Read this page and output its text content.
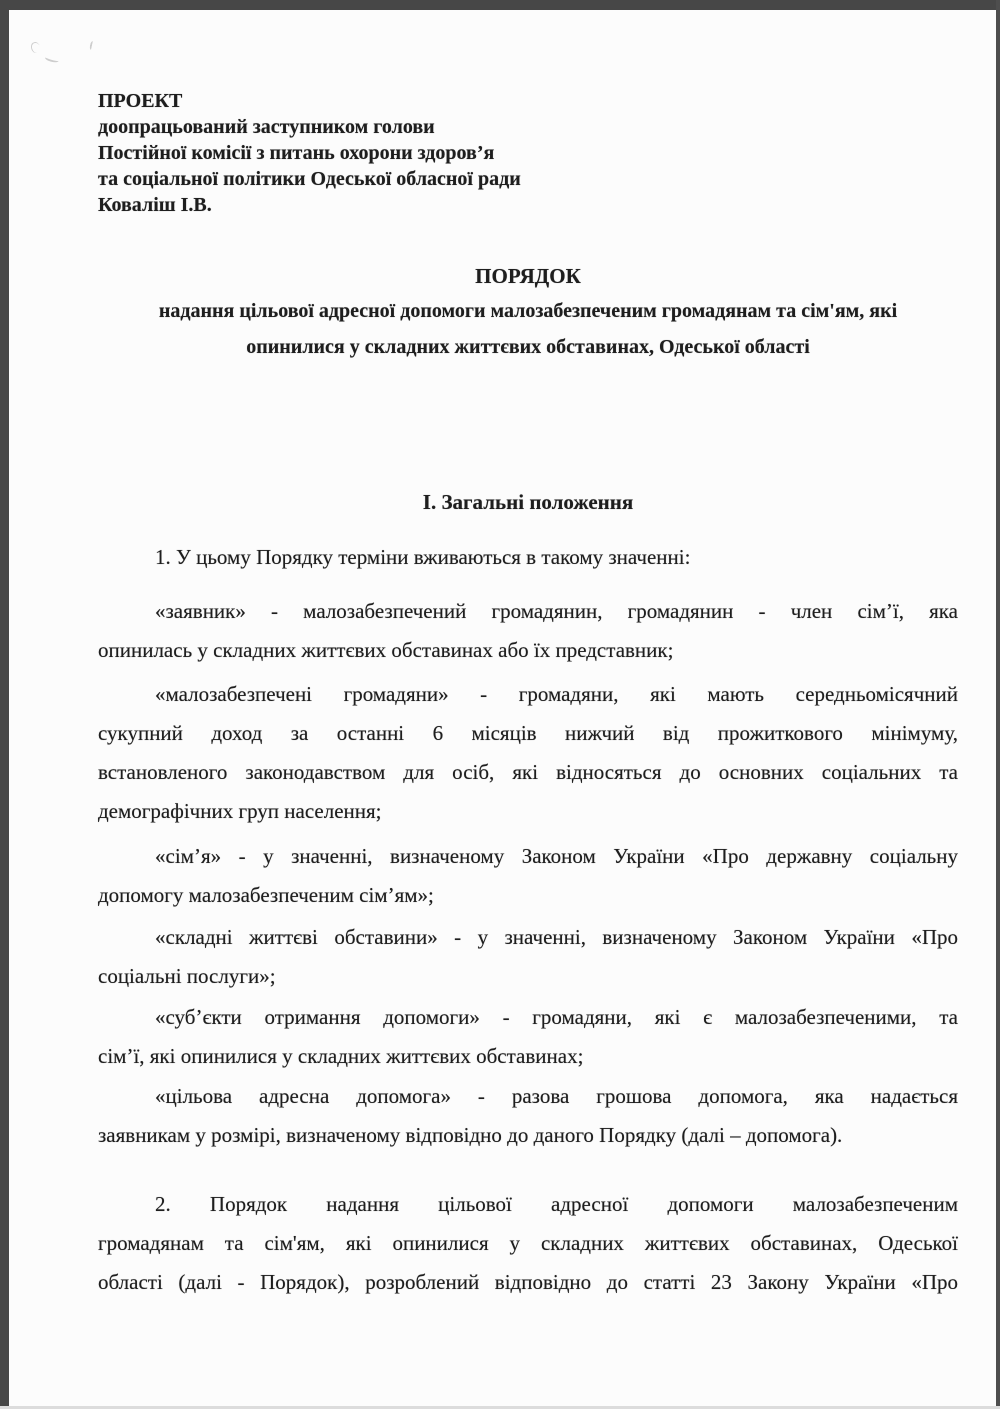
ПРОЕКТ
доопрацьований заступником голови
Постійної комісії з питань охорони здоров’я
та соціальної політики Одеської обласної ради
Коваліш І.В.
ПОРЯДОК
надання цільової адресної допомоги малозабезпеченим громадянам та сім'ям, які
опинилися у складних життєвих обставинах, Одеської області
І. Загальні положення

1. У цьому Порядку терміни вживаються в такому значенні:

«заявник» - малозабезпечений громадянин, громадянин - член сім’ї, яка
опинилась у складних життєвих обставинах або їх представник;

«малозабезпечені громадяни» - громадяни, які мають середньомісячний
сукупний доход за останні 6 місяців нижчий від прожиткового мінімуму,
встановленого законодавством для осіб, які відносяться до основних соціальних та
демографічних груп населення;

«сім’я» - у значенні, визначеному Законом України «Про державну соціальну
допомогу малозабезпеченим сім’ям»;

«складні життєві обставини» - у значенні, визначеному Законом України «Про
соціальні послуги»;

«суб’єкти отримання допомоги» - громадяни, які є малозабезпеченими, та
сім’ї, які опинилися у складних життєвих обставинах;

«цільова адресна допомога» - разова грошова допомога, яка надається
заявникам у розмірі, визначеному відповідно до даного Порядку (далі – допомога).

2. Порядок надання цільової адресної допомоги малозабезпеченим
громадянам та сім'ям, які опинилися у складних життєвих обставинах, Одеської
області (далі - Порядок), розроблений відповідно до статті 23 Закону України «Про
